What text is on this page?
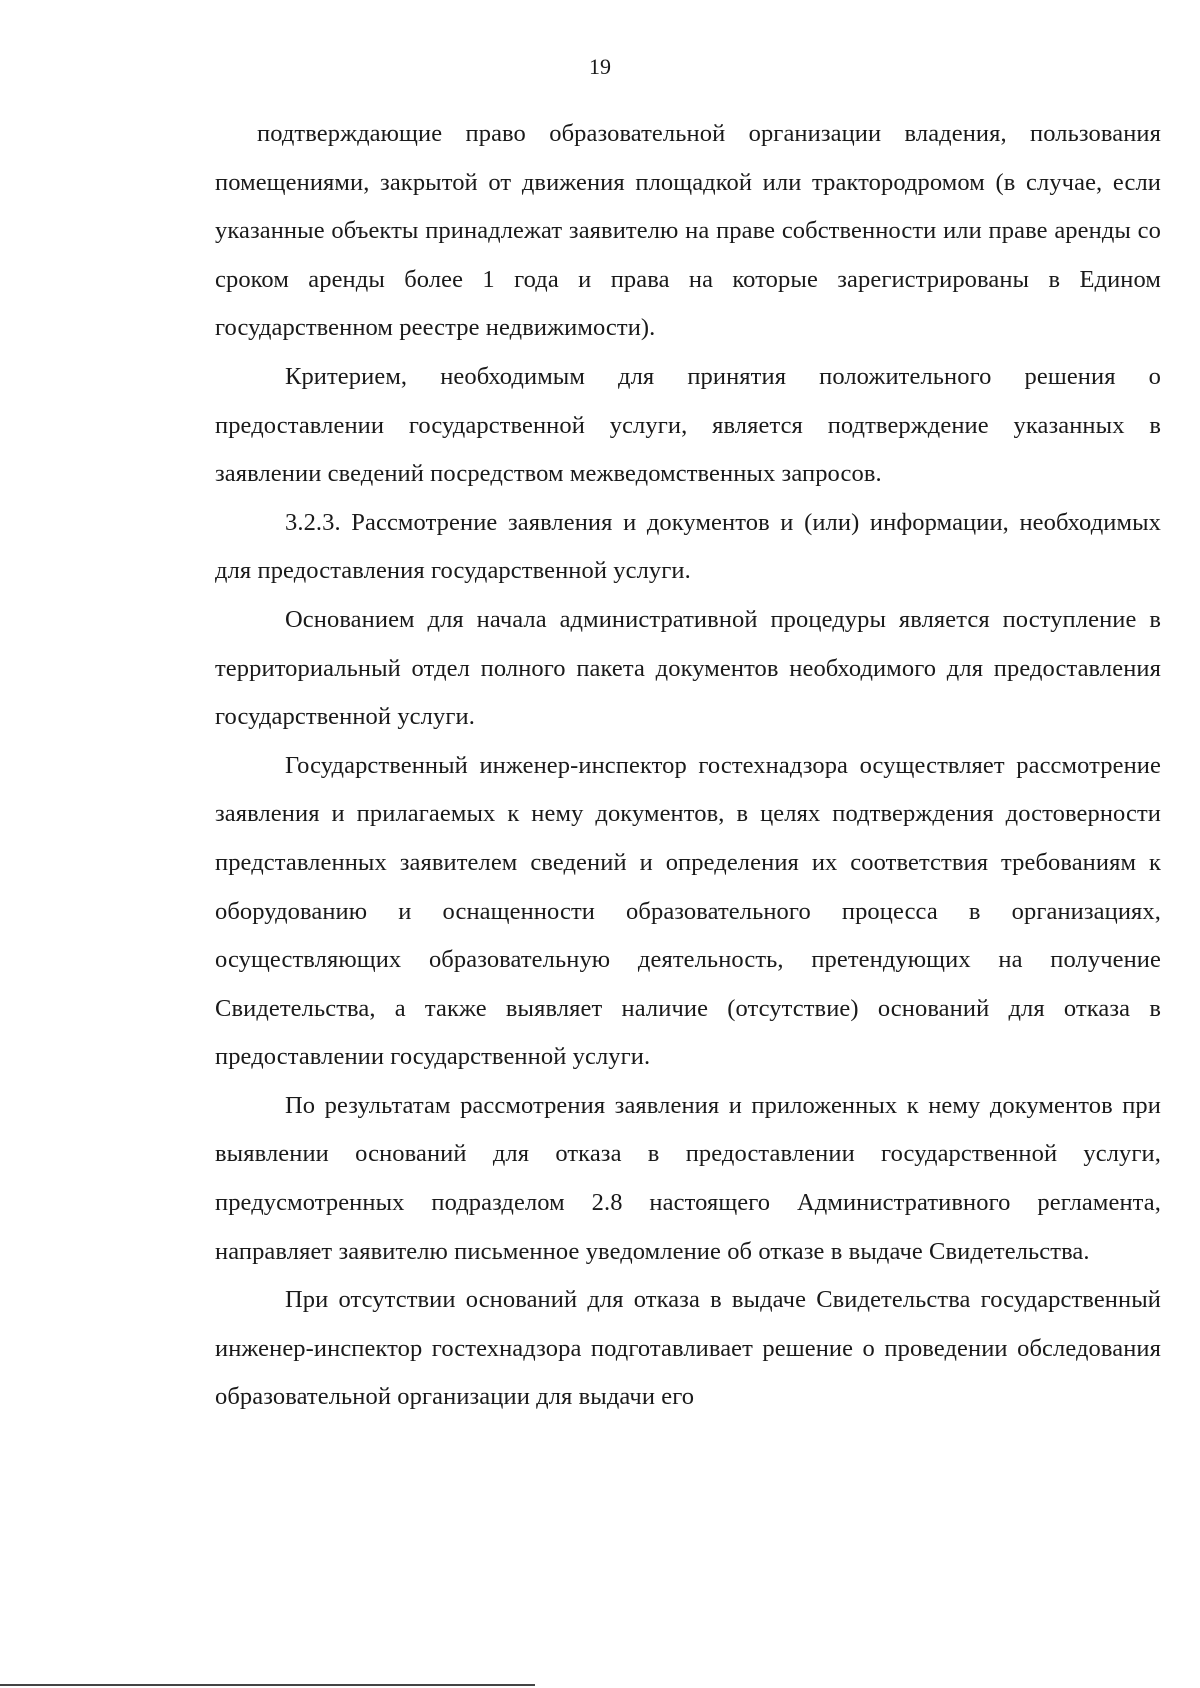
19

подтверждающие право образовательной организации владения, пользования помещениями, закрытой от движения площадкой или трактородромом (в случае, если указанные объекты принадлежат заявителю на праве собственности или праве аренды со сроком аренды более 1 года и права на которые зарегистрированы в Едином государственном реестре недвижимости).

Критерием, необходимым для принятия положительного решения о предоставлении государственной услуги, является подтверждение указанных в заявлении сведений посредством межведомственных запросов.

3.2.3. Рассмотрение заявления и документов и (или) информации, необходимых для предоставления государственной услуги.

Основанием для начала административной процедуры является поступление в территориальный отдел полного пакета документов необходимого для предоставления государственной услуги.

Государственный инженер-инспектор гостехнадзора осуществляет рассмотрение заявления и прилагаемых к нему документов, в целях подтверждения достоверности представленных заявителем сведений и определения их соответствия требованиям к оборудованию и оснащенности образовательного процесса в организациях, осуществляющих образовательную деятельность, претендующих на получение Свидетельства, а также выявляет наличие (отсутствие) оснований для отказа в предоставлении государственной услуги.

По результатам рассмотрения заявления и приложенных к нему документов при выявлении оснований для отказа в предоставлении государственной услуги, предусмотренных подразделом 2.8 настоящего Административного регламента, направляет заявителю письменное уведомление об отказе в выдаче Свидетельства.

При отсутствии оснований для отказа в выдаче Свидетельства государственный инженер-инспектор гостехнадзора подготавливает решение о проведении обследования образовательной организации для выдачи его
